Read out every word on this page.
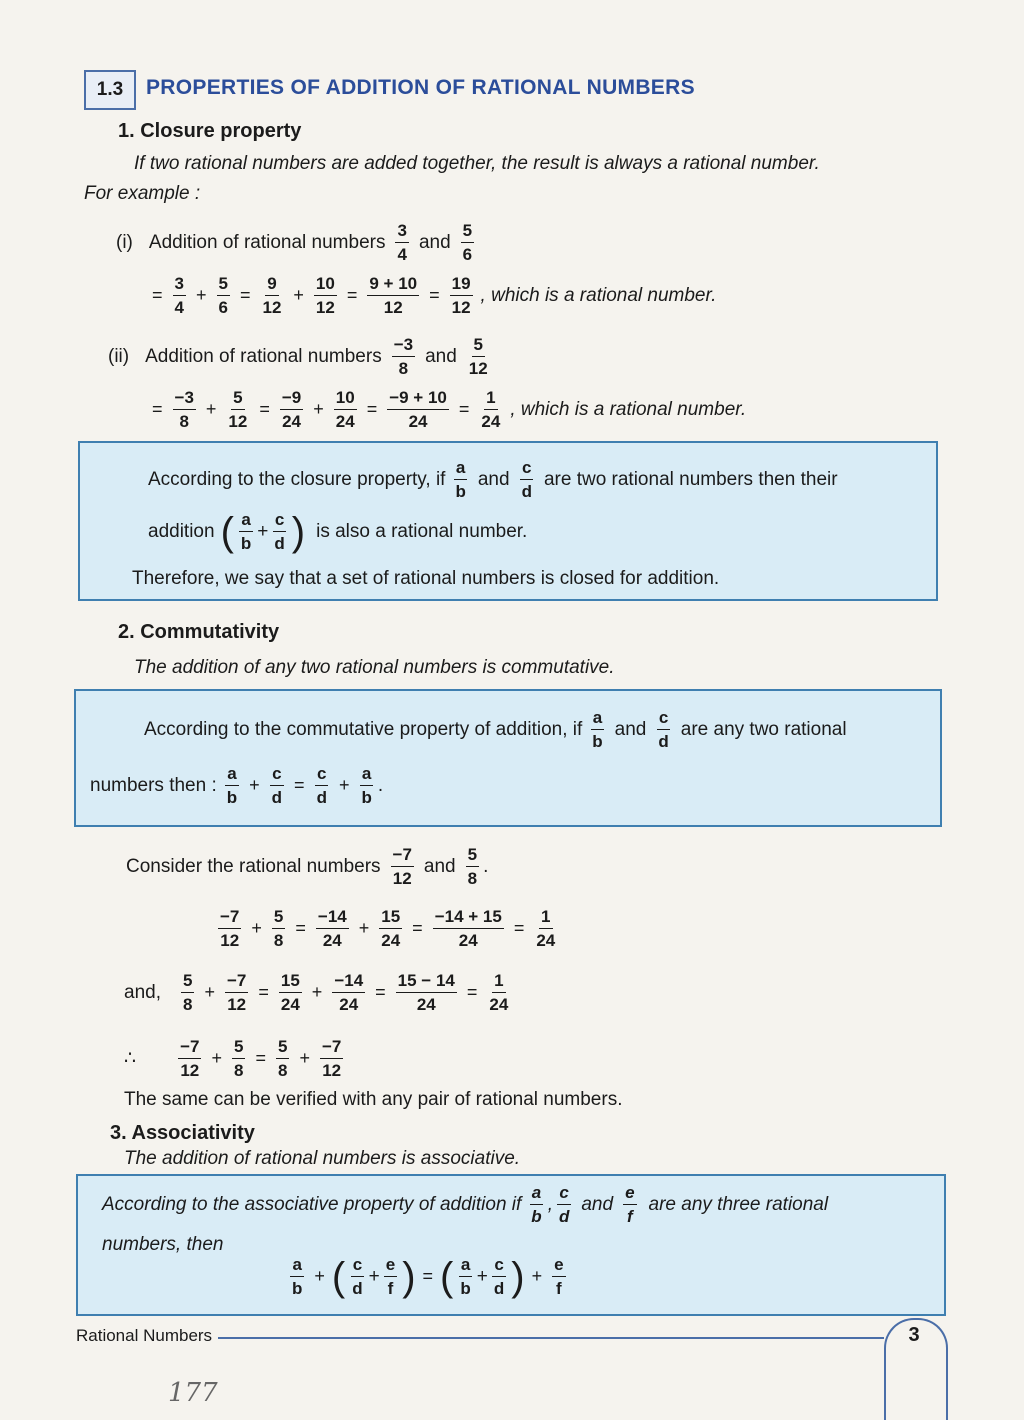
1.3	PROPERTIES OF ADDITION OF RATIONAL NUMBERS
1. Closure property
If two rational numbers are added together, the result is always a rational number.
For example :
(i) Addition of rational numbers $\frac{3}{4}$ and $\frac{5}{6}$
= $\frac{3}{4} + \frac{5}{6} = \frac{9}{12} + \frac{10}{12} = \frac{9 + 10}{12} = \frac{19}{12}$ , which is a rational number.
(ii) Addition of rational numbers $\frac{-3}{8}$ and $\frac{5}{12}$
= $\frac{-3}{8} + \frac{5}{12} = \frac{-9}{24} + \frac{10}{24} = \frac{-9 + 10}{24} = \frac{1}{24}$ , which is a rational number.
According to the closure property, if $\frac{a}{b}$ and $\frac{c}{d}$ are two rational numbers then their
addition ( $\frac{a}{b} + \frac{c}{d}$ ) is also a rational number.
Therefore, we say that a set of rational numbers is closed for addition.
2. Commutativity
The addition of any two rational numbers is commutative.
According to the commutative property of addition, if $\frac{a}{b}$ and $\frac{c}{d}$ are any two rational
numbers then : $\frac{a}{b} + \frac{c}{d} = \frac{c}{d} + \frac{a}{b}$ .
Consider the rational numbers $\frac{-7}{12}$ and $\frac{5}{8}$ .
$\frac{-7}{12} + \frac{5}{8} = \frac{-14}{24} + \frac{15}{24} = \frac{-14 + 15}{24} = \frac{1}{24}$
and, $\frac{5}{8} + \frac{-7}{12} = \frac{15}{24} + \frac{-14}{24} = \frac{15 - 14}{24} = \frac{1}{24}$
∴ $\frac{-7}{12} + \frac{5}{8} = \frac{5}{8} + \frac{-7}{12}$
The same can be verified with any pair of rational numbers.
3. Associativity
The addition of rational numbers is associative.
According to the associative property of addition if $\frac{a}{b}$ , $\frac{c}{d}$ and $\frac{e}{f}$ are any three rational
numbers, then
$\frac{a}{b}$ + ( $\frac{c}{d} + \frac{e}{f}$ ) = ( $\frac{a}{b} + \frac{c}{d}$ ) + $\frac{e}{f}$
Rational Numbers	3
177
